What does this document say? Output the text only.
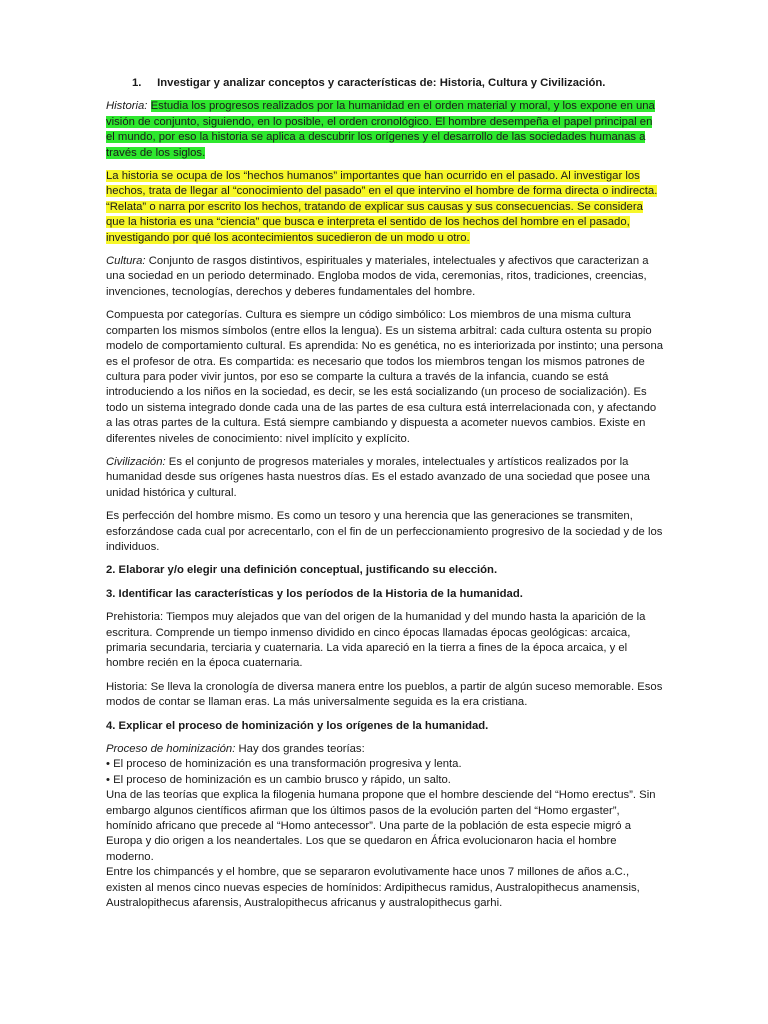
1. Investigar y analizar conceptos y características de: Historia, Cultura y Civilización.

Historia: Estudia los progresos realizados por la humanidad en el orden material y moral, y los expone en una visión de conjunto, siguiendo, en lo posible, el orden cronológico. El hombre desempeña el papel principal en el mundo, por eso la historia se aplica a descubrir los orígenes y el desarrollo de las sociedades humanas a través de los siglos.

La historia se ocupa de los “hechos humanos” importantes que han ocurrido en el pasado. Al investigar los hechos, trata de llegar al “conocimiento del pasado” en el que intervino el hombre de forma directa o indirecta. “Relata” o narra por escrito los hechos, tratando de explicar sus causas y sus consecuencias. Se considera que la historia es una “ciencia” que busca e interpreta el sentido de los hechos del hombre en el pasado, investigando por qué los acontecimientos sucedieron de un modo u otro.

Cultura: Conjunto de rasgos distintivos, espirituales y materiales, intelectuales y afectivos que caracterizan a una sociedad en un periodo determinado. Engloba modos de vida, ceremonias, ritos, tradiciones, creencias, invenciones, tecnologías, derechos y deberes fundamentales del hombre.

Compuesta por categorías. Cultura es siempre un código simbólico: Los miembros de una misma cultura comparten los mismos símbolos (entre ellos la lengua). Es un sistema arbitral: cada cultura ostenta su propio modelo de comportamiento cultural. Es aprendida: No es genética, no es interiorizada por instinto; una persona es el profesor de otra. Es compartida: es necesario que todos los miembros tengan los mismos patrones de cultura para poder vivir juntos, por eso se comparte la cultura a través de la infancia, cuando se está introduciendo a los niños en la sociedad, es decir, se les está socializando (un proceso de socialización). Es todo un sistema integrado donde cada una de las partes de esa cultura está interrelacionada con, y afectando a las otras partes de la cultura. Está siempre cambiando y dispuesta a acometer nuevos cambios. Existe en diferentes niveles de conocimiento: nivel implícito y explícito.

Civilización: Es el conjunto de progresos materiales y morales, intelectuales y artísticos realizados por la humanidad desde sus orígenes hasta nuestros días. Es el estado avanzado de una sociedad que posee una unidad histórica y cultural.

Es perfección del hombre mismo. Es como un tesoro y una herencia que las generaciones se transmiten, esforzándose cada cual por acrecentarlo, con el fin de un perfeccionamiento progresivo de la sociedad y de los individuos.

2. Elaborar y/o elegir una definición conceptual, justificando su elección.
3. Identificar las características y los períodos de la Historia de la humanidad.

Prehistoria: Tiempos muy alejados que van del origen de la humanidad y del mundo hasta la aparición de la escritura. Comprende un tiempo inmenso dividido en cinco épocas llamadas épocas geológicas: arcaica, primaria secundaria, terciaria y cuaternaria. La vida apareció en la tierra a fines de la época arcaica, y el hombre recién en la época cuaternaria.

Historia: Se lleva la cronología de diversa manera entre los pueblos, a partir de algún suceso memorable. Esos modos de contar se llaman eras. La más universalmente seguida es la era cristiana.

4. Explicar el proceso de hominización y los orígenes de la humanidad.
Proceso de hominización: Hay dos grandes teorías:
• El proceso de hominización es una transformación progresiva y lenta.
• El proceso de hominización es un cambio brusco y rápido, un salto.
Una de las teorías que explica la filogenia humana propone que el hombre desciende del “Homo erectus”. Sin embargo algunos científicos afirman que los últimos pasos de la evolución parten del “Homo ergaster”, homínido africano que precede al “Homo antecessor”. Una parte de la población de esta especie migró a Europa y dio origen a los neandertales. Los que se quedaron en África evolucionaron hacia el hombre moderno.
Entre los chimpancés y el hombre, que se separaron evolutivamente hace unos 7 millones de años a.C., existen al menos cinco nuevas especies de homínidos: Ardipithecus ramidus, Australopithecus anamensis, Australopithecus afarensis, Australopithecus africanus y australopithecus garhi.
